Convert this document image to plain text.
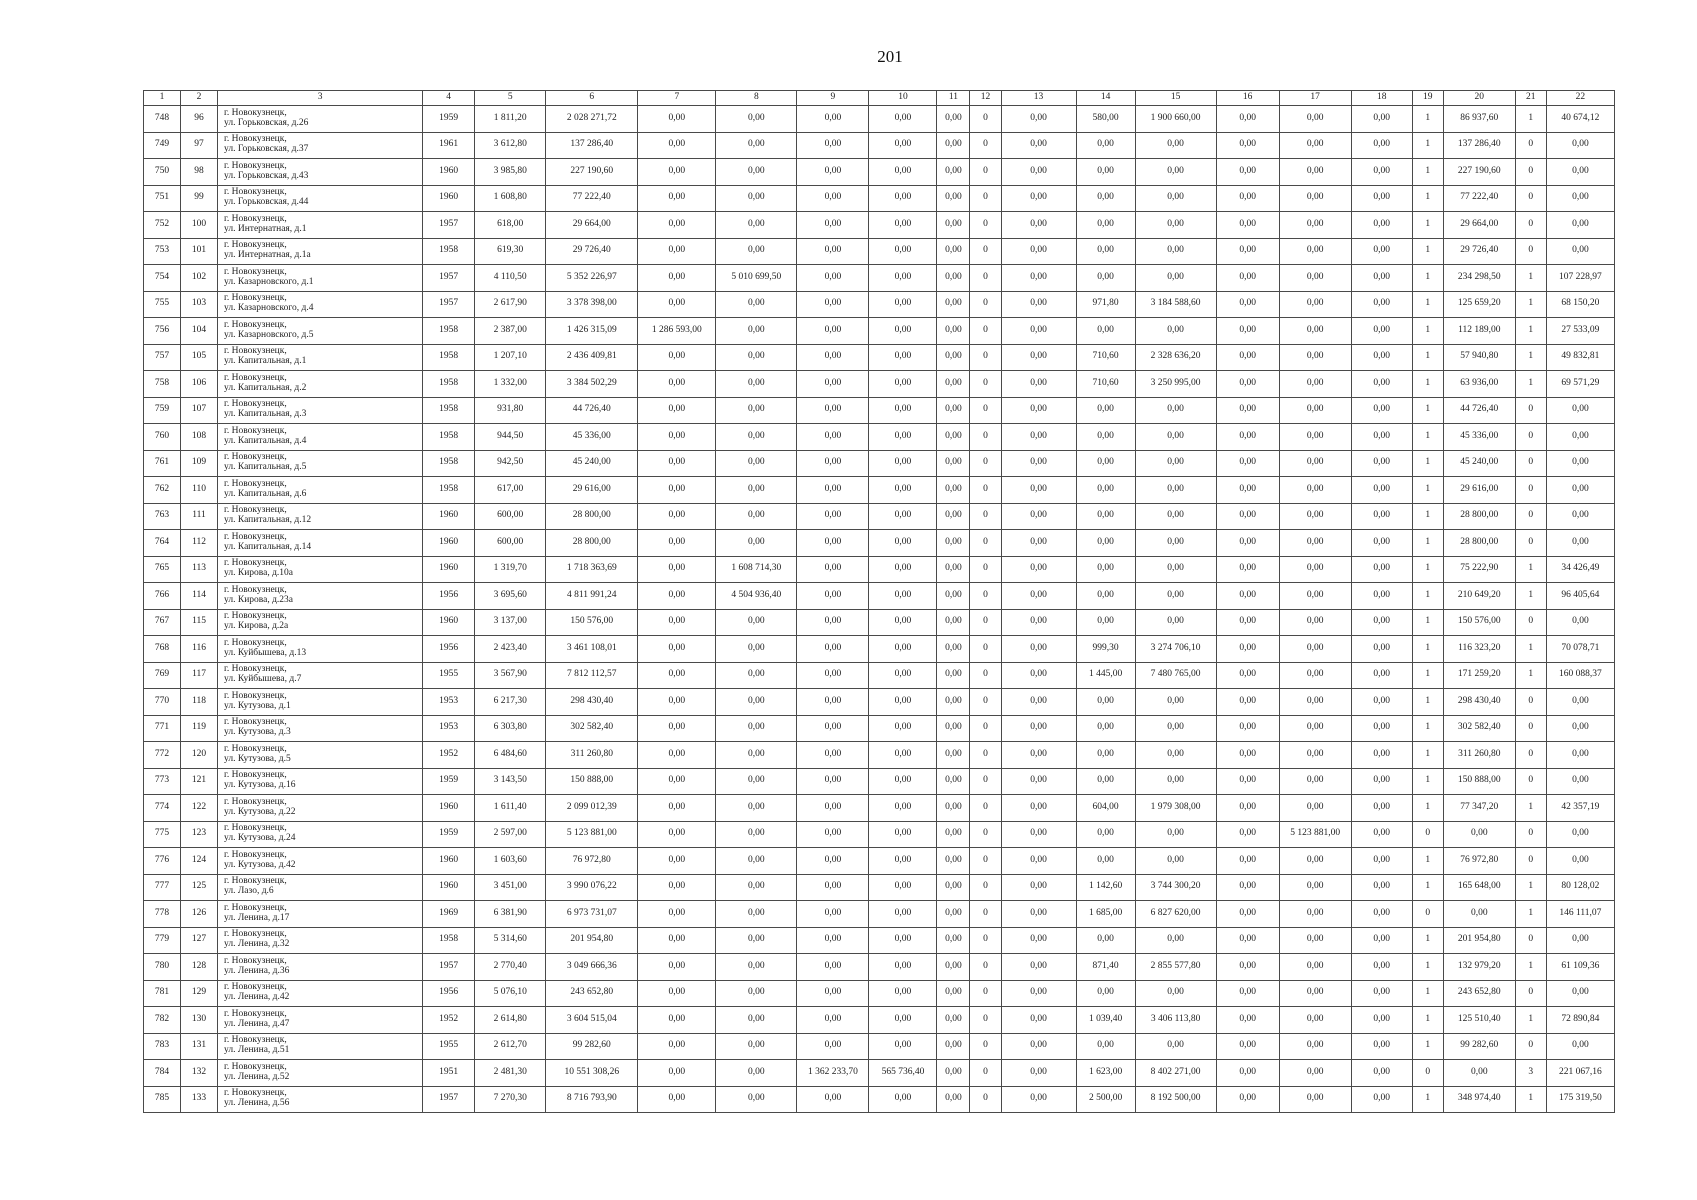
201
1	2	3	4	5	6	7	8	9	10	11	12	13	14	15	16	17	18	19	20	21	22
748	96	г. Новокузнецк,
ул. Горьковская, д.26	1959	1 811,20	2 028 271,72	0,00	0,00	0,00	0,00	0,00	0	0,00	580,00	1 900 660,00	0,00	0,00	0,00	1	86 937,60	1	40 674,12
749	97	г. Новокузнецк,
ул. Горьковская, д.37	1961	3 612,80	137 286,40	0,00	0,00	0,00	0,00	0,00	0	0,00	0,00	0,00	0,00	0,00	0,00	1	137 286,40	0	0,00
750	98	г. Новокузнецк,
ул. Горьковская, д.43	1960	3 985,80	227 190,60	0,00	0,00	0,00	0,00	0,00	0	0,00	0,00	0,00	0,00	0,00	0,00	1	227 190,60	0	0,00
751	99	г. Новокузнецк,
ул. Горьковская, д.44	1960	1 608,80	77 222,40	0,00	0,00	0,00	0,00	0,00	0	0,00	0,00	0,00	0,00	0,00	0,00	1	77 222,40	0	0,00
752	100	г. Новокузнецк,
ул. Интернатная, д.1	1957	618,00	29 664,00	0,00	0,00	0,00	0,00	0,00	0	0,00	0,00	0,00	0,00	0,00	0,00	1	29 664,00	0	0,00
753	101	г. Новокузнецк,
ул. Интернатная, д.1а	1958	619,30	29 726,40	0,00	0,00	0,00	0,00	0,00	0	0,00	0,00	0,00	0,00	0,00	0,00	1	29 726,40	0	0,00
754	102	г. Новокузнецк,
ул. Казарновского, д.1	1957	4 110,50	5 352 226,97	0,00	5 010 699,50	0,00	0,00	0,00	0	0,00	0,00	0,00	0,00	0,00	0,00	1	234 298,50	1	107 228,97
755	103	г. Новокузнецк,
ул. Казарновского, д.4	1957	2 617,90	3 378 398,00	0,00	0,00	0,00	0,00	0,00	0	0,00	971,80	3 184 588,60	0,00	0,00	0,00	1	125 659,20	1	68 150,20
756	104	г. Новокузнецк,
ул. Казарновского, д.5	1958	2 387,00	1 426 315,09	1 286 593,00	0,00	0,00	0,00	0,00	0	0,00	0,00	0,00	0,00	0,00	0,00	1	112 189,00	1	27 533,09
757	105	г. Новокузнецк,
ул. Капитальная, д.1	1958	1 207,10	2 436 409,81	0,00	0,00	0,00	0,00	0,00	0	0,00	710,60	2 328 636,20	0,00	0,00	0,00	1	57 940,80	1	49 832,81
758	106	г. Новокузнецк,
ул. Капитальная, д.2	1958	1 332,00	3 384 502,29	0,00	0,00	0,00	0,00	0,00	0	0,00	710,60	3 250 995,00	0,00	0,00	0,00	1	63 936,00	1	69 571,29
759	107	г. Новокузнецк,
ул. Капитальная, д.3	1958	931,80	44 726,40	0,00	0,00	0,00	0,00	0,00	0	0,00	0,00	0,00	0,00	0,00	0,00	1	44 726,40	0	0,00
760	108	г. Новокузнецк,
ул. Капитальная, д.4	1958	944,50	45 336,00	0,00	0,00	0,00	0,00	0,00	0	0,00	0,00	0,00	0,00	0,00	0,00	1	45 336,00	0	0,00
761	109	г. Новокузнецк,
ул. Капитальная, д.5	1958	942,50	45 240,00	0,00	0,00	0,00	0,00	0,00	0	0,00	0,00	0,00	0,00	0,00	0,00	1	45 240,00	0	0,00
762	110	г. Новокузнецк,
ул. Капитальная, д.6	1958	617,00	29 616,00	0,00	0,00	0,00	0,00	0,00	0	0,00	0,00	0,00	0,00	0,00	0,00	1	29 616,00	0	0,00
763	111	г. Новокузнецк,
ул. Капитальная, д.12	1960	600,00	28 800,00	0,00	0,00	0,00	0,00	0,00	0	0,00	0,00	0,00	0,00	0,00	0,00	1	28 800,00	0	0,00
764	112	г. Новокузнецк,
ул. Капитальная, д.14	1960	600,00	28 800,00	0,00	0,00	0,00	0,00	0,00	0	0,00	0,00	0,00	0,00	0,00	0,00	1	28 800,00	0	0,00
765	113	г. Новокузнецк,
ул. Кирова, д.10а	1960	1 319,70	1 718 363,69	0,00	1 608 714,30	0,00	0,00	0,00	0	0,00	0,00	0,00	0,00	0,00	0,00	1	75 222,90	1	34 426,49
766	114	г. Новокузнецк,
ул. Кирова, д.23а	1956	3 695,60	4 811 991,24	0,00	4 504 936,40	0,00	0,00	0,00	0	0,00	0,00	0,00	0,00	0,00	0,00	1	210 649,20	1	96 405,64
767	115	г. Новокузнецк,
ул. Кирова, д.2а	1960	3 137,00	150 576,00	0,00	0,00	0,00	0,00	0,00	0	0,00	0,00	0,00	0,00	0,00	0,00	1	150 576,00	0	0,00
768	116	г. Новокузнецк,
ул. Куйбышева, д.13	1956	2 423,40	3 461 108,01	0,00	0,00	0,00	0,00	0,00	0	0,00	999,30	3 274 706,10	0,00	0,00	0,00	1	116 323,20	1	70 078,71
769	117	г. Новокузнецк,
ул. Куйбышева, д.7	1955	3 567,90	7 812 112,57	0,00	0,00	0,00	0,00	0,00	0	0,00	1 445,00	7 480 765,00	0,00	0,00	0,00	1	171 259,20	1	160 088,37
770	118	г. Новокузнецк,
ул. Кутузова, д.1	1953	6 217,30	298 430,40	0,00	0,00	0,00	0,00	0,00	0	0,00	0,00	0,00	0,00	0,00	0,00	1	298 430,40	0	0,00
771	119	г. Новокузнецк,
ул. Кутузова, д.3	1953	6 303,80	302 582,40	0,00	0,00	0,00	0,00	0,00	0	0,00	0,00	0,00	0,00	0,00	0,00	1	302 582,40	0	0,00
772	120	г. Новокузнецк,
ул. Кутузова, д.5	1952	6 484,60	311 260,80	0,00	0,00	0,00	0,00	0,00	0	0,00	0,00	0,00	0,00	0,00	0,00	1	311 260,80	0	0,00
773	121	г. Новокузнецк,
ул. Кутузова, д.16	1959	3 143,50	150 888,00	0,00	0,00	0,00	0,00	0,00	0	0,00	0,00	0,00	0,00	0,00	0,00	1	150 888,00	0	0,00
774	122	г. Новокузнецк,
ул. Кутузова, д.22	1960	1 611,40	2 099 012,39	0,00	0,00	0,00	0,00	0,00	0	0,00	604,00	1 979 308,00	0,00	0,00	0,00	1	77 347,20	1	42 357,19
775	123	г. Новокузнецк,
ул. Кутузова, д.24	1959	2 597,00	5 123 881,00	0,00	0,00	0,00	0,00	0,00	0	0,00	0,00	0,00	0,00	5 123 881,00	0,00	0	0,00	0	0,00
776	124	г. Новокузнецк,
ул. Кутузова, д.42	1960	1 603,60	76 972,80	0,00	0,00	0,00	0,00	0,00	0	0,00	0,00	0,00	0,00	0,00	0,00	1	76 972,80	0	0,00
777	125	г. Новокузнецк,
ул. Лазо, д.6	1960	3 451,00	3 990 076,22	0,00	0,00	0,00	0,00	0,00	0	0,00	1 142,60	3 744 300,20	0,00	0,00	0,00	1	165 648,00	1	80 128,02
778	126	г. Новокузнецк,
ул. Ленина, д.17	1969	6 381,90	6 973 731,07	0,00	0,00	0,00	0,00	0,00	0	0,00	1 685,00	6 827 620,00	0,00	0,00	0,00	0	0,00	1	146 111,07
779	127	г. Новокузнецк,
ул. Ленина, д.32	1958	5 314,60	201 954,80	0,00	0,00	0,00	0,00	0,00	0	0,00	0,00	0,00	0,00	0,00	0,00	1	201 954,80	0	0,00
780	128	г. Новокузнецк,
ул. Ленина, д.36	1957	2 770,40	3 049 666,36	0,00	0,00	0,00	0,00	0,00	0	0,00	871,40	2 855 577,80	0,00	0,00	0,00	1	132 979,20	1	61 109,36
781	129	г. Новокузнецк,
ул. Ленина, д.42	1956	5 076,10	243 652,80	0,00	0,00	0,00	0,00	0,00	0	0,00	0,00	0,00	0,00	0,00	0,00	1	243 652,80	0	0,00
782	130	г. Новокузнецк,
ул. Ленина, д.47	1952	2 614,80	3 604 515,04	0,00	0,00	0,00	0,00	0,00	0	0,00	1 039,40	3 406 113,80	0,00	0,00	0,00	1	125 510,40	1	72 890,84
783	131	г. Новокузнецк,
ул. Ленина, д.51	1955	2 612,70	99 282,60	0,00	0,00	0,00	0,00	0,00	0	0,00	0,00	0,00	0,00	0,00	0,00	1	99 282,60	0	0,00
784	132	г. Новокузнецк,
ул. Ленина, д.52	1951	2 481,30	10 551 308,26	0,00	0,00	1 362 233,70	565 736,40	0,00	0	0,00	1 623,00	8 402 271,00	0,00	0,00	0,00	0	0,00	3	221 067,16
785	133	г. Новокузнецк,
ул. Ленина, д.56	1957	7 270,30	8 716 793,90	0,00	0,00	0,00	0,00	0,00	0	0,00	2 500,00	8 192 500,00	0,00	0,00	0,00	1	348 974,40	1	175 319,50
